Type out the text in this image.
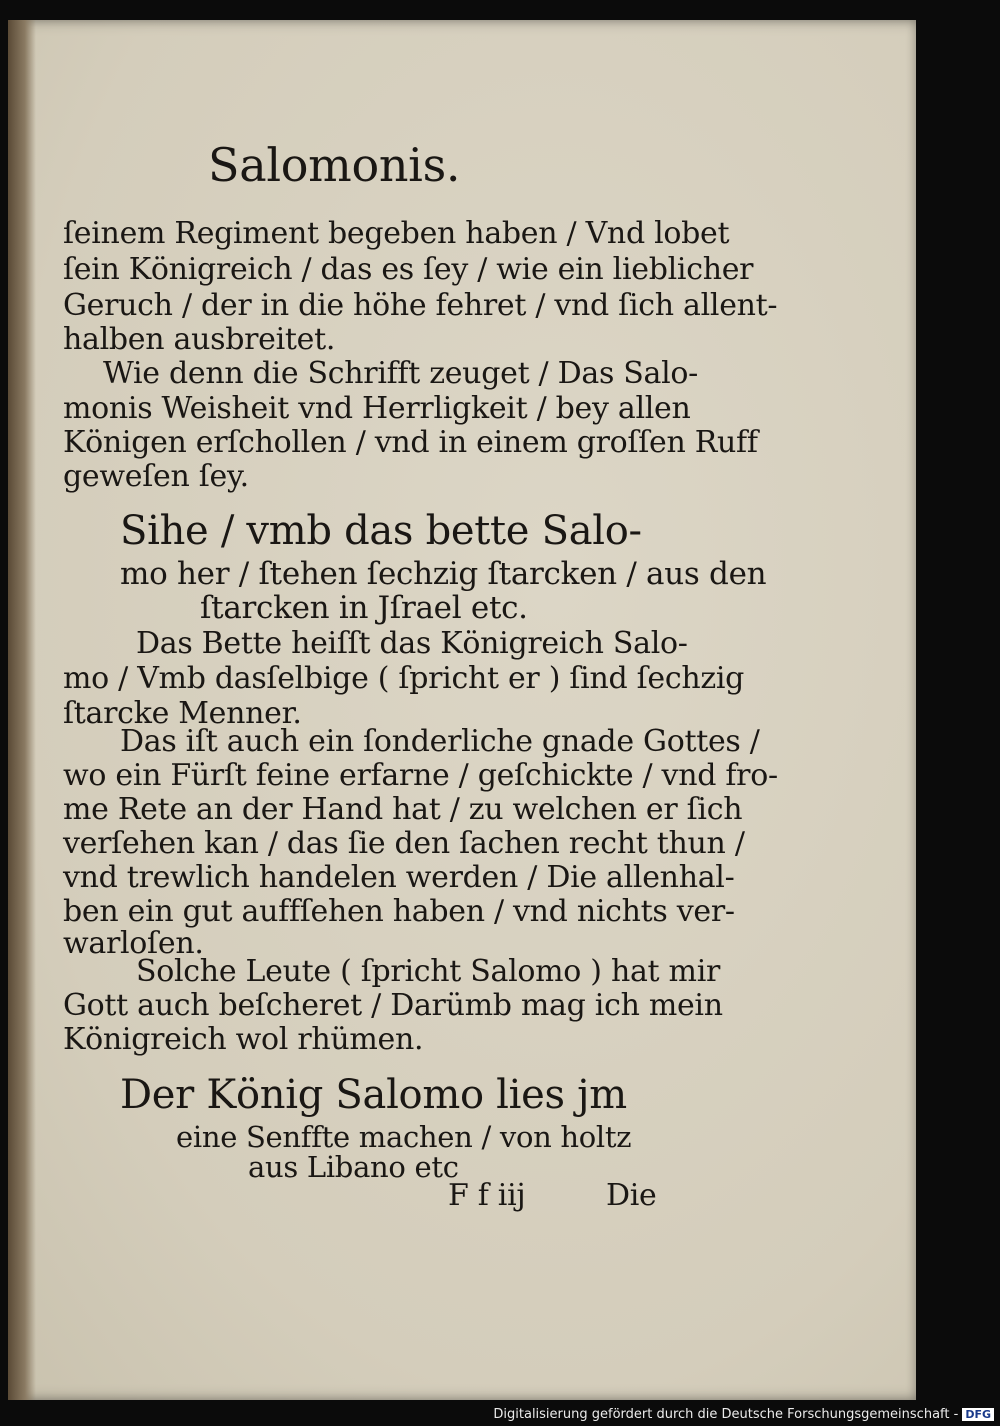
Salomonis.
ſeinem Regiment begeben haben / Vnd lobet
ſein Kӧnigreich / das es ſey / wie ein lieblicher
Geruch / der in die hӧhe fehret / vnd ſich allent-
halben ausbreitet.
Wie denn die Schrifft zeuget / Das Salo-
monis Weisheit vnd Herrligkeit / bey allen
Kӧnigen erſchollen / vnd in einem groſſen Ruff
geweſen ſey.
Sihe / vmb das bette Salo-
mo her / ſtehen ſechzig ſtarcken / aus den
ſtarcken in Jſrael etc.
Das Bette heiſſt das Kӧnigreich Salo-
mo / Vmb dasſelbige ( ſpricht er ) ſind ſechzig
ſtarcke Menner.
Das iſt auch ein ſonderliche gnade Gottes /
wo ein Fürſt feine erfarne / geſchickte / vnd fro-
me Rete an der Hand hat / zu welchen er ſich
verſehen kan / das ſie den ſachen recht thun /
vnd trewlich handelen werden / Die allenhal-
ben ein gut auffſehen haben / vnd nichts ver-
warloſen.
Solche Leute ( ſpricht Salomo ) hat mir
Gott auch beſcheret / Darümb mag ich mein
Kӧnigreich wol rhümen.
Der Kӧnig Salomo lies jm
eine Senffte machen / von holtz
aus Libano etc
F f iij	Die
Digitalisierung gefördert durch die Deutsche Forschungsgemeinschaft - DFG
